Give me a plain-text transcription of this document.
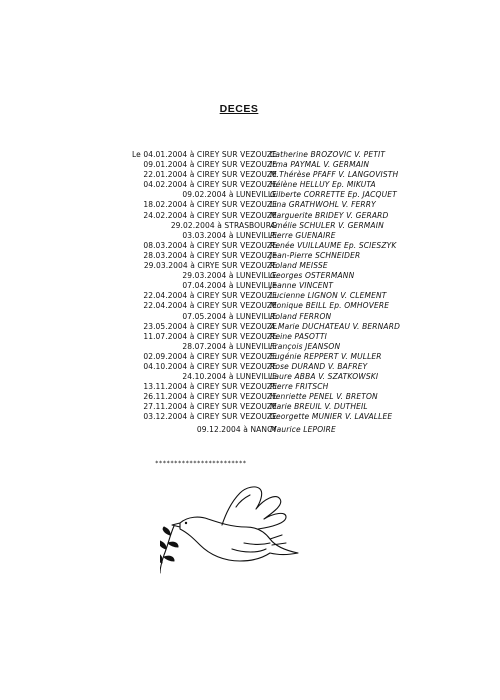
DECES
Le 04.01.2004 à CIREY SUR VEZOUZE
Catherine BROZOVIC V. PETIT
09.01.2004 à CIREY SUR VEZOUZE
Irma PAYMAL V. GERMAIN
22.01.2004 à CIREY SUR VEZOUZE
M.Thérèse PFAFF V. LANGOVISTH
04.02.2004 à CIREY SUR VEZOUZE
Hélène HELLUY Ep. MIKUTA
09.02.2004 à LUNEVILLE
Gilberte CORRETTE Ep. JACQUET
18.02.2004 à CIREY SUR VEZOUZE
Lina GRATHWOHL V. FERRY
24.02.2004 à CIREY SUR VEZOUZE
Marguerite BRIDEY V. GERARD
29.02.2004 à STRASBOURG
Amélie SCHULER V. GERMAIN
03.03.2004 à LUNEVILLE
Pierre GUENAIRE
08.03.2004 à CIREY SUR VEZOUZE
Renée VUILLAUME Ep. SCIESZYK
28.03.2004 à CIREY SUR VEZOUZE
Jean-Pierre SCHNEIDER
29.03.2004 à CIRYE SUR VEZOUZE
Roland MEISSE
29.03.2004 à LUNEVILLE
Georges OSTERMANN
07.04.2004 à LUNEVILLE
Jeanne VINCENT
22.04.2004 à CIREY SUR VEZOUZE
Lucienne LIGNON V. CLEMENT
22.04.2004 à CIREY SUR VEZOUZE
Monique BEILL Ep. OMHOVERE
07.05.2004 à LUNEVILLE
Roland FERRON
23.05.2004 à CIREY SUR VEZOUZE
A.Marie DUCHATEAU V. BERNARD
11.07.2004 à CIREY SUR VEZOUZE
Reine PASOTTI
28.07.2004 à LUNEVILLE
François JEANSON
02.09.2004 à CIREY SUR VEZOUZE
Eugénie REPPERT V. MULLER
04.10.2004 à CIREY SUR VEZOUZE
Rose DURAND V. BAFREY
24.10.2004 à LUNEVILLE
Laure ABBA V. SZATKOWSKI
13.11.2004 à CIREY SUR VEZOUZE
Pierre FRITSCH
26.11.2004 à CIREY SUR VEZOUZE
Henriette PENEL V. BRETON
27.11.2004 à CIREY SUR VEZOUZE
Marie BREUIL V. DUTHEIL
03.12.2004 à CIREY SUR VEZOUZE
Georgette MUNIER V. LAVALLEE
09.12.2004 à NANCY
Maurice LEPOIRE
************************
